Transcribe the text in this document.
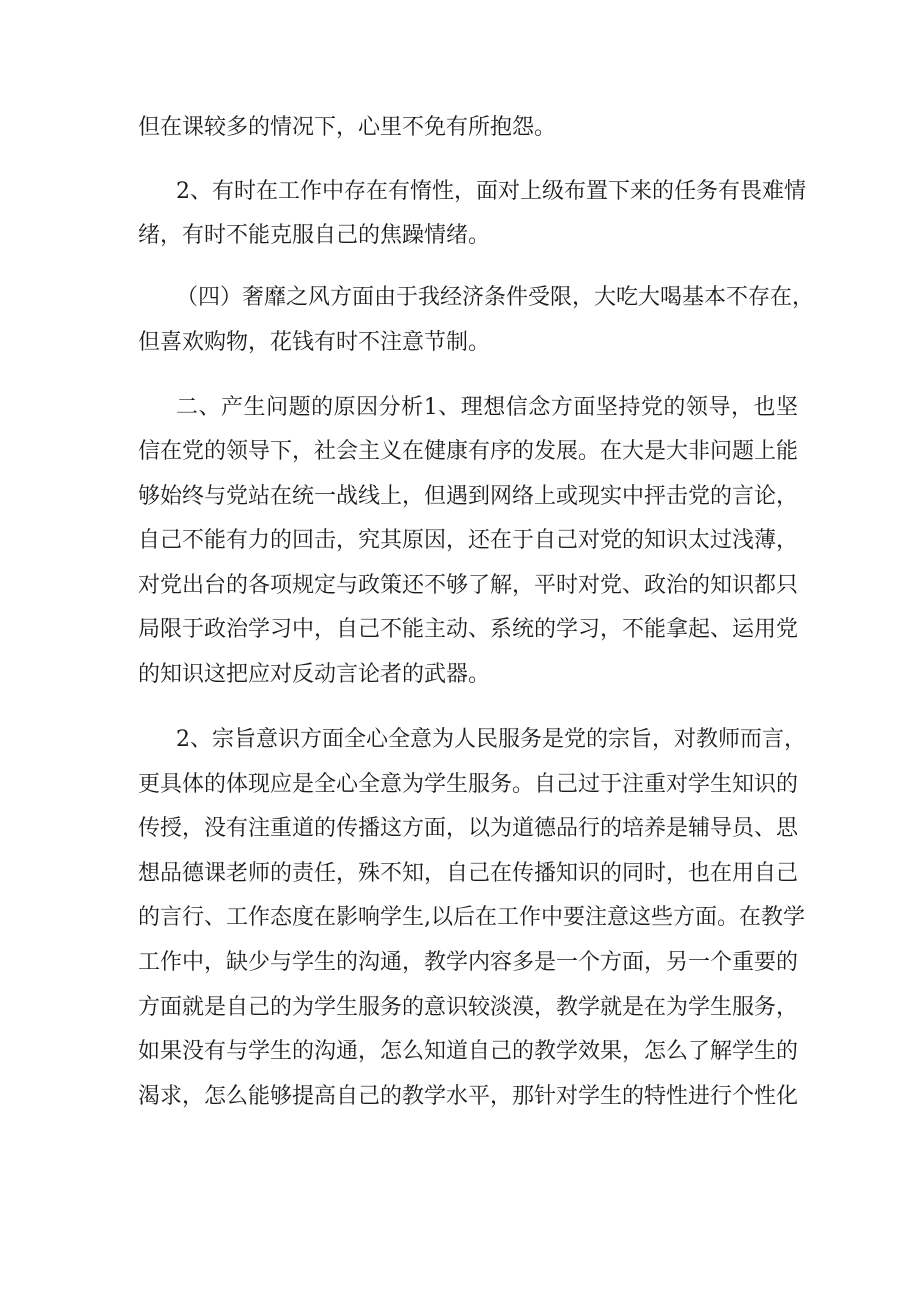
但在课较多的情况下，心里不免有所抱怨。
2、有时在工作中存在有惰性，面对上级布置下来的任务有畏难情
绪，有时不能克服自己的焦躁情绪。
（四）奢靡之风方面由于我经济条件受限，大吃大喝基本不存在，
但喜欢购物，花钱有时不注意节制。
二、产生问题的原因分析1、理想信念方面坚持党的领导，也坚
信在党的领导下，社会主义在健康有序的发展。在大是大非问题上能
够始终与党站在统一战线上，但遇到网络上或现实中抨击党的言论，
自己不能有力的回击，究其原因，还在于自己对党的知识太过浅薄，
对党出台的各项规定与政策还不够了解，平时对党、政治的知识都只
局限于政治学习中，自己不能主动、系统的学习，不能拿起、运用党
的知识这把应对反动言论者的武器。
2、宗旨意识方面全心全意为人民服务是党的宗旨，对教师而言，
更具体的体现应是全心全意为学生服务。自己过于注重对学生知识的
传授，没有注重道的传播这方面，以为道德品行的培养是辅导员、思
想品德课老师的责任，殊不知，自己在传播知识的同时，也在用自己
的言行、工作态度在影响学生,以后在工作中要注意这些方面。在教学
工作中，缺少与学生的沟通，教学内容多是一个方面，另一个重要的
方面就是自己的为学生服务的意识较淡漠，教学就是在为学生服务，
如果没有与学生的沟通，怎么知道自己的教学效果，怎么了解学生的
渴求，怎么能够提高自己的教学水平，那针对学生的特性进行个性化
